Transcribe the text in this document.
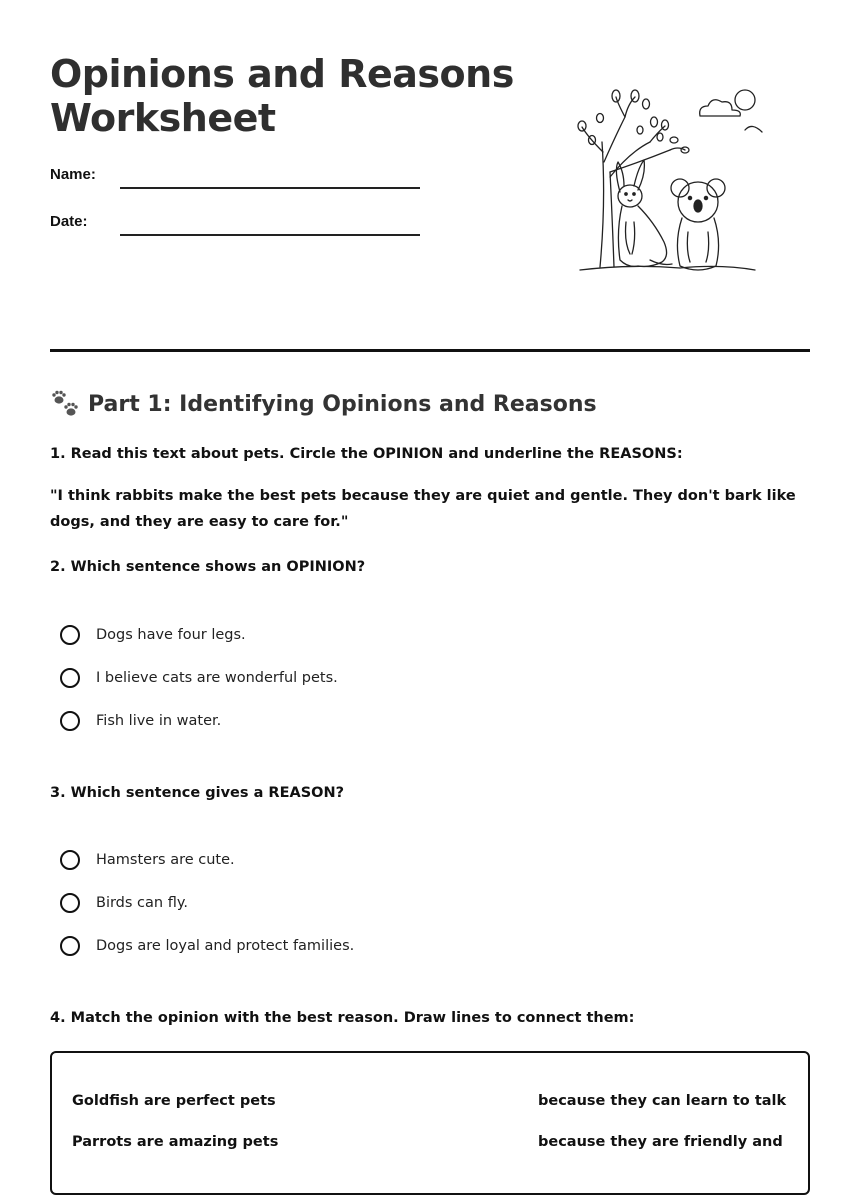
Opinions and Reasons Worksheet
Name:
Date:
Part 1: Identifying Opinions and Reasons

1. Read this text about pets. Circle the OPINION and underline the REASONS:

"I think rabbits make the best pets because they are quiet and gentle. They don't bark like dogs, and they are easy to care for."

2. Which sentence shows an OPINION?

Dogs have four legs.
I believe cats are wonderful pets.
Fish live in water.

3. Which sentence gives a REASON?

Hamsters are cute.
Birds can fly.
Dogs are loyal and protect families.

4. Match the opinion with the best reason. Draw lines to connect them:

Goldfish are perfect pets	because they can learn to talk
Parrots are amazing pets	because they are friendly and
